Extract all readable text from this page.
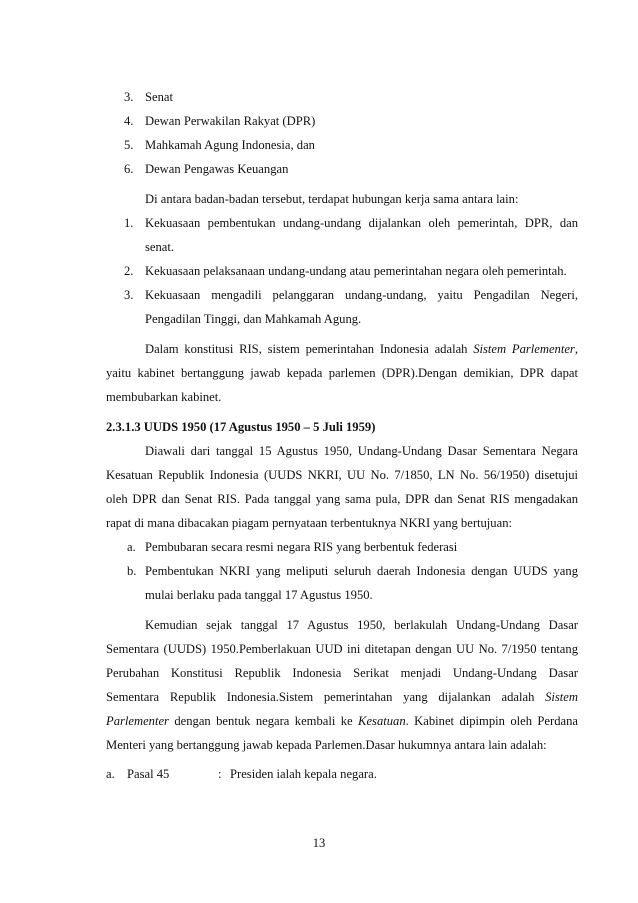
3. Senat
4. Dewan Perwakilan Rakyat (DPR)
5. Mahkamah Agung Indonesia, dan
6. Dewan Pengawas Keuangan
Di antara badan-badan tersebut, terdapat hubungan kerja sama antara lain:
1. Kekuasaan pembentukan undang-undang dijalankan oleh pemerintah, DPR, dan
senat.
2. Kekuasaan pelaksanaan undang-undang atau pemerintahan negara oleh pemerintah.
3. Kekuasaan mengadili pelanggaran undang-undang, yaitu Pengadilan Negeri,
Pengadilan Tinggi, dan Mahkamah Agung.
Dalam konstitusi RIS, sistem pemerintahan Indonesia adalah Sistem Parlementer,
yaitu kabinet bertanggung jawab kepada parlemen (DPR).Dengan demikian, DPR dapat
membubarkan kabinet.
2.3.1.3 UUDS 1950 (17 Agustus 1950 – 5 Juli 1959)
Diawali dari tanggal 15 Agustus 1950, Undang-Undang Dasar Sementara Negara
Kesatuan Republik Indonesia (UUDS NKRI, UU No. 7/1850, LN No. 56/1950) disetujui
oleh DPR dan Senat RIS. Pada tanggal yang sama pula, DPR dan Senat RIS mengadakan
rapat di mana dibacakan piagam pernyataan terbentuknya NKRI yang bertujuan:
a. Pembubaran secara resmi negara RIS yang berbentuk federasi
b. Pembentukan NKRI yang meliputi seluruh daerah Indonesia dengan UUDS yang
mulai berlaku pada tanggal 17 Agustus 1950.
Kemudian sejak tanggal 17 Agustus 1950, berlakulah Undang-Undang Dasar
Sementara (UUDS) 1950.Pemberlakuan UUD ini ditetapan dengan UU No. 7/1950 tentang
Perubahan Konstitusi Republik Indonesia Serikat menjadi Undang-Undang Dasar
Sementara Republik Indonesia.Sistem pemerintahan yang dijalankan adalah Sistem
Parlementer dengan bentuk negara kembali ke Kesatuan. Kabinet dipimpin oleh Perdana
Menteri yang bertanggung jawab kepada Parlemen.Dasar hukumnya antara lain adalah:
a. Pasal 45	: Presiden ialah kepala negara.
13
